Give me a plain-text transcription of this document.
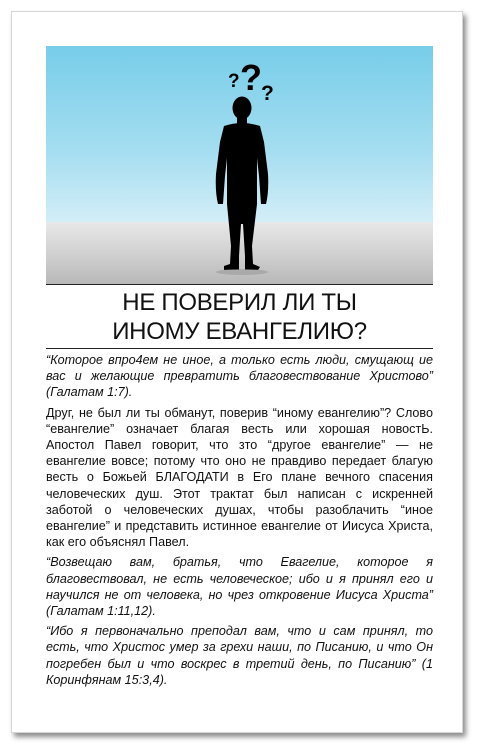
? ? ?
НЕ ПОВЕРИЛ ЛИ ТЫ
ИНОМУ ЕВАНГЕЛИЮ?

“Которое впро4ем не иное, а только есть люди, смущающ ие вас и желающие превратить благовествование Христово” (Галатам 1:7).

Друг, не был ли ты обманут, поверив “иному евангелию”? Слово “евангелие” означает благая весть или хорошая новостЬ. Апостол Павел говорит, что зто “другое евангелие” — не евангелие вовсе; потому что оно не правдиво передает благую весть о Божьей БЛАГОДАТИ в Его плане вечного спасения человеческих душ. Этот трактат был написан с искренней заботой о человеческих душах, чтобы разоблачить “иное евангелие” и представить истинное евангелие от Иисуса Христа, как его объяснял Павел.

“Возвещаю вам, братья, что Евагелие, которое я благовествовал, не есть человеческое; ибо и я принял его и научился не от человека, но чрез откровение Иисуса Христа” (Галатам 1:11,12).

“Ибо я первоначально преподал вам, что и сам принял, то есть, что Христос умер за грехи наши, по Писанию, и что Он погребен был и что воскрес в третий день, по Писанию” (1 Коринфянам 15:3,4).
